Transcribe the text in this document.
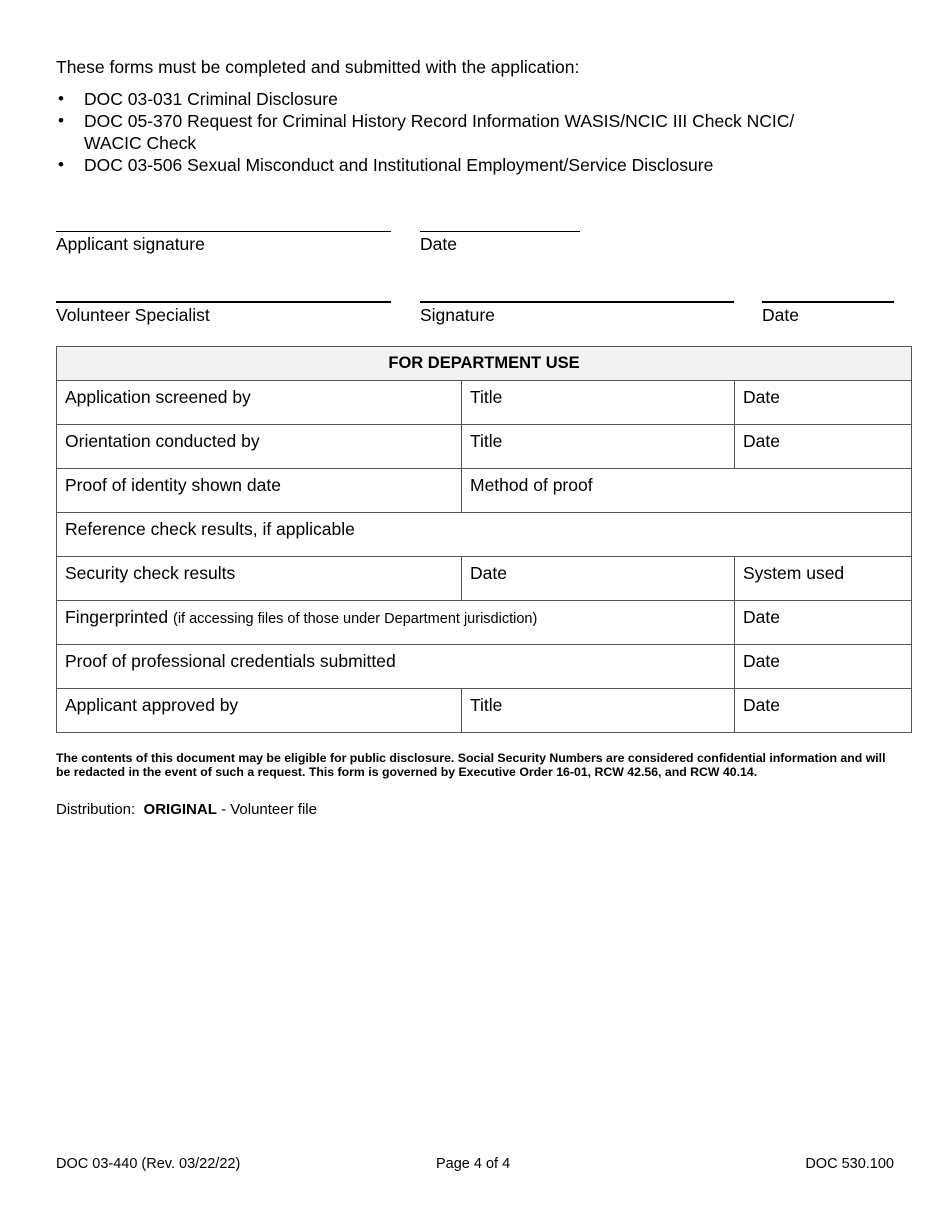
These forms must be completed and submitted with the application:
• DOC 03-031 Criminal Disclosure
• DOC 05-370 Request for Criminal History Record Information WASIS/NCIC III Check NCIC/ WACIC Check
• DOC 03-506 Sexual Misconduct and Institutional Employment/Service Disclosure
Applicant signature	Date
Volunteer Specialist	Signature	Date
FOR DEPARTMENT USE		
Application screened by	Title	Date
Orientation conducted by	Title	Date
Proof of identity shown date	Method of proof	
Reference check results, if applicable		
Security check results	Date	System used
Fingerprinted (if accessing files of those under Department jurisdiction)		Date
Proof of professional credentials submitted		Date
Applicant approved by	Title	Date
The contents of this document may be eligible for public disclosure. Social Security Numbers are considered confidential information and will be redacted in the event of such a request. This form is governed by Executive Order 16-01, RCW 42.56, and RCW 40.14.
Distribution: ORIGINAL - Volunteer file
DOC 03-440 (Rev. 03/22/22)	Page 4 of 4	DOC 530.100
